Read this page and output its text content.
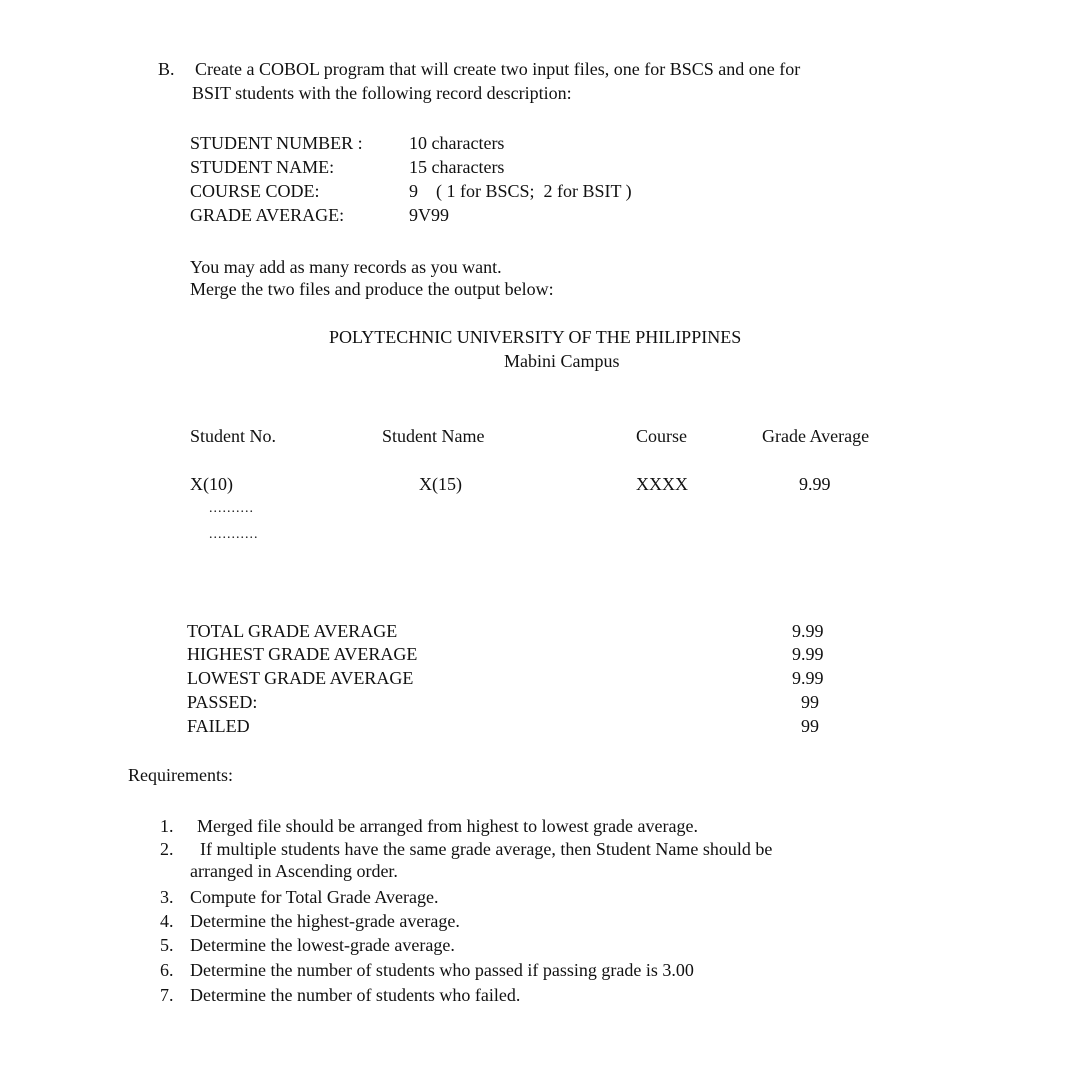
B. Create a COBOL program that will create two input files, one for BSCS and one for
BSIT students with the following record description:
STUDENT NUMBER :	10 characters
STUDENT NAME:	15 characters
COURSE CODE:	9    ( 1 for BSCS;  2 for BSIT )
GRADE AVERAGE:	9V99
You may add as many records as you want.
Merge the two files and produce the output below:
POLYTECHNIC UNIVERSITY OF THE PHILIPPINES
Mabini Campus
Student No.	Student Name	Course	Grade Average
X(10)	X(15)	XXXX	9.99
..........
...........
TOTAL GRADE AVERAGE	9.99
HIGHEST GRADE AVERAGE	9.99
LOWEST GRADE AVERAGE	9.99
PASSED:	99
FAILED	99
Requirements:
1. Merged file should be arranged from highest to lowest grade average.
2. If multiple students have the same grade average, then Student Name should be
arranged in Ascending order.
3. Compute for Total Grade Average.
4. Determine the highest-grade average.
5. Determine the lowest-grade average.
6. Determine the number of students who passed if passing grade is 3.00
7. Determine the number of students who failed.
